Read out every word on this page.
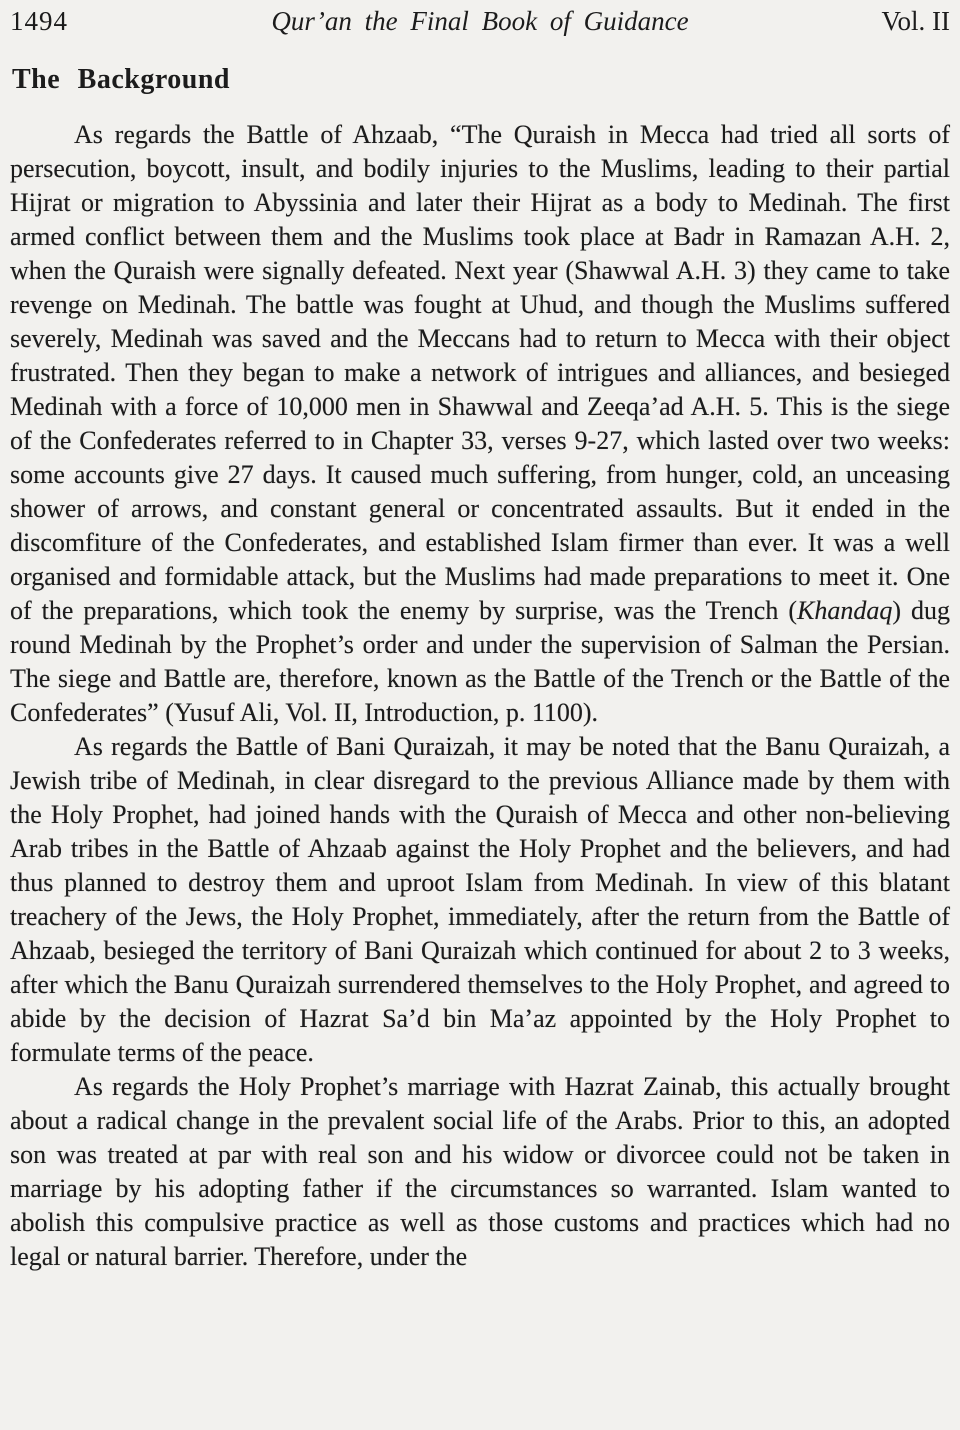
1494	Qur’an the Final Book of Guidance	Vol. II
The Background

As regards the Battle of Ahzaab, “The Quraish in Mecca had tried all sorts of persecution, boycott, insult, and bodily injuries to the Muslims, leading to their partial Hijrat or migration to Abyssinia and later their Hijrat as a body to Medinah. The first armed conflict between them and the Muslims took place at Badr in Ramazan A.H. 2, when the Quraish were signally defeated. Next year (Shawwal A.H. 3) they came to take revenge on Medinah. The battle was fought at Uhud, and though the Muslims suffered severely, Medinah was saved and the Meccans had to return to Mecca with their object frustrated. Then they began to make a network of intrigues and alliances, and besieged Medinah with a force of 10,000 men in Shawwal and Zeeqa’ad A.H. 5. This is the siege of the Confederates referred to in Chapter 33, verses 9-27, which lasted over two weeks: some accounts give 27 days. It caused much suffering, from hunger, cold, an unceasing shower of arrows, and constant general or concentrated assaults. But it ended in the discomfiture of the Confederates, and established Islam firmer than ever. It was a well organised and formidable attack, but the Muslims had made preparations to meet it. One of the preparations, which took the enemy by surprise, was the Trench (Khandaq) dug round Medinah by the Prophet’s order and under the supervision of Salman the Persian. The siege and Battle are, therefore, known as the Battle of the Trench or the Battle of the Confederates” (Yusuf Ali, Vol. II, Introduction, p. 1100).

As regards the Battle of Bani Quraizah, it may be noted that the Banu Quraizah, a Jewish tribe of Medinah, in clear disregard to the previous Alliance made by them with the Holy Prophet, had joined hands with the Quraish of Mecca and other non-believing Arab tribes in the Battle of Ahzaab against the Holy Prophet and the believers, and had thus planned to destroy them and uproot Islam from Medinah. In view of this blatant treachery of the Jews, the Holy Prophet, immediately, after the return from the Battle of Ahzaab, besieged the territory of Bani Quraizah which continued for about 2 to 3 weeks, after which the Banu Quraizah surrendered themselves to the Holy Prophet, and agreed to abide by the decision of Hazrat Sa’d bin Ma’az appointed by the Holy Prophet to formulate terms of the peace.

As regards the Holy Prophet’s marriage with Hazrat Zainab, this actually brought about a radical change in the prevalent social life of the Arabs. Prior to this, an adopted son was treated at par with real son and his widow or divorcee could not be taken in marriage by his adopting father if the circumstances so warranted. Islam wanted to abolish this compulsive practice as well as those customs and practices which had no legal or natural barrier. Therefore, under the
